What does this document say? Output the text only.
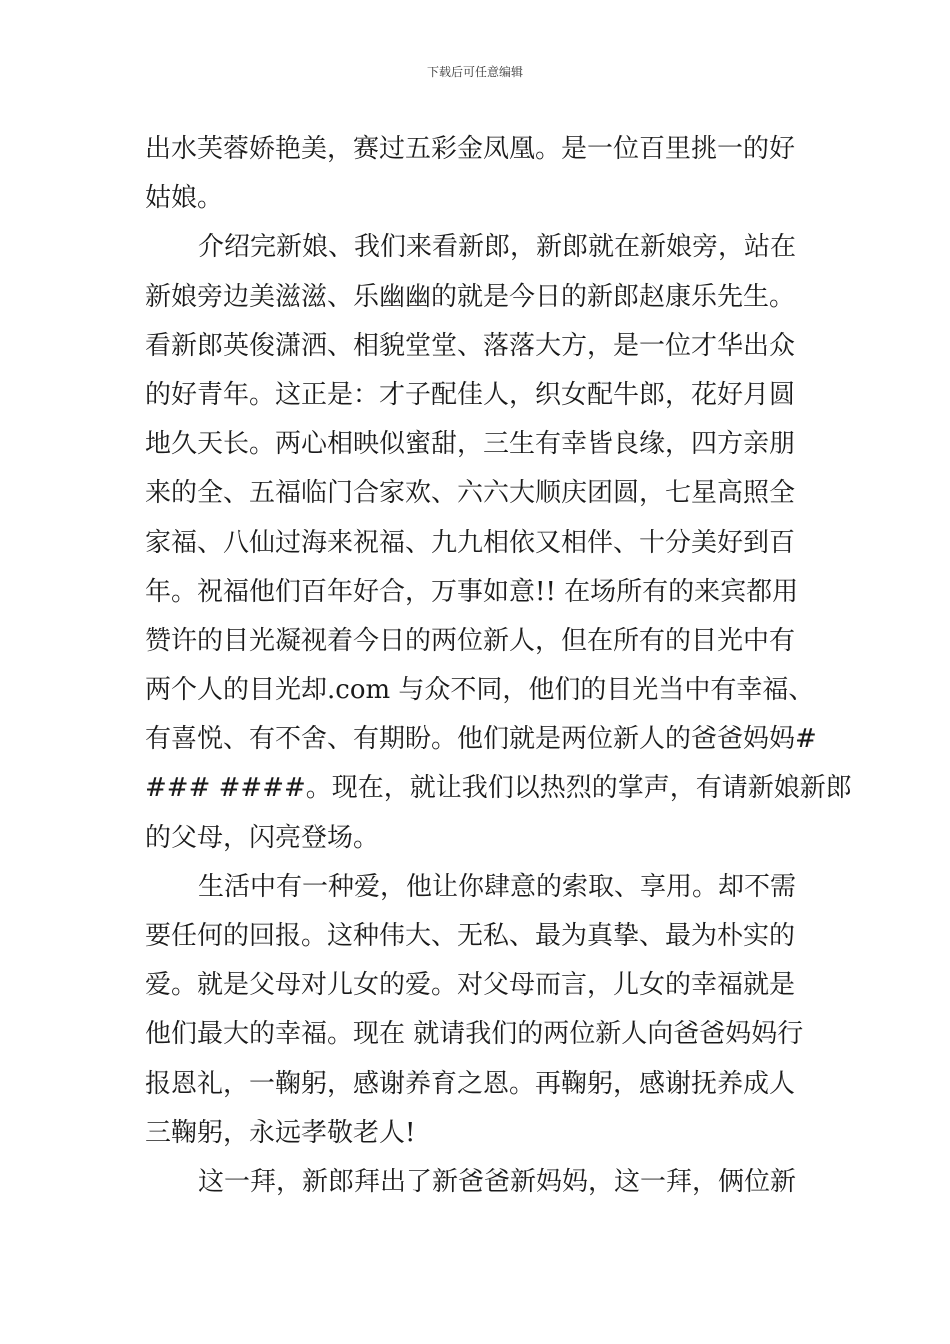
下载后可任意编辑
出水芙蓉娇艳美，赛过五彩金凤凰。是一位百里挑一的好
姑娘。
介绍完新娘、我们来看新郎，新郎就在新娘旁，站在
新娘旁边美滋滋、乐幽幽的就是今日的新郎赵康乐先生。
看新郎英俊潇洒、相貌堂堂、落落大方，是一位才华出众
的好青年。这正是：才子配佳人，织女配牛郎，花好月圆
地久天长。两心相映似蜜甜，三生有幸皆良缘，四方亲朋
来的全、五福临门合家欢、六六大顺庆团圆，七星高照全
家福、八仙过海来祝福、九九相依又相伴、十分美好到百
年。祝福他们百年好合，万事如意!! 在场所有的来宾都用
赞许的目光凝视着今日的两位新人，但在所有的目光中有
两个人的目光却.com 与众不同，他们的目光当中有幸福、
有喜悦、有不舍、有期盼。他们就是两位新人的爸爸妈妈#
### ####。现在，就让我们以热烈的掌声，有请新娘新郎
的父母，闪亮登场。
生活中有一种爱，他让你肆意的索取、享用。却不需
要任何的回报。这种伟大、无私、最为真挚、最为朴实的
爱。就是父母对儿女的爱。对父母而言，儿女的幸福就是
他们最大的幸福。现在 就请我们的两位新人向爸爸妈妈行
报恩礼，一鞠躬，感谢养育之恩。再鞠躬，感谢抚养成人
三鞠躬，永远孝敬老人!
这一拜，新郎拜出了新爸爸新妈妈，这一拜，俩位新
